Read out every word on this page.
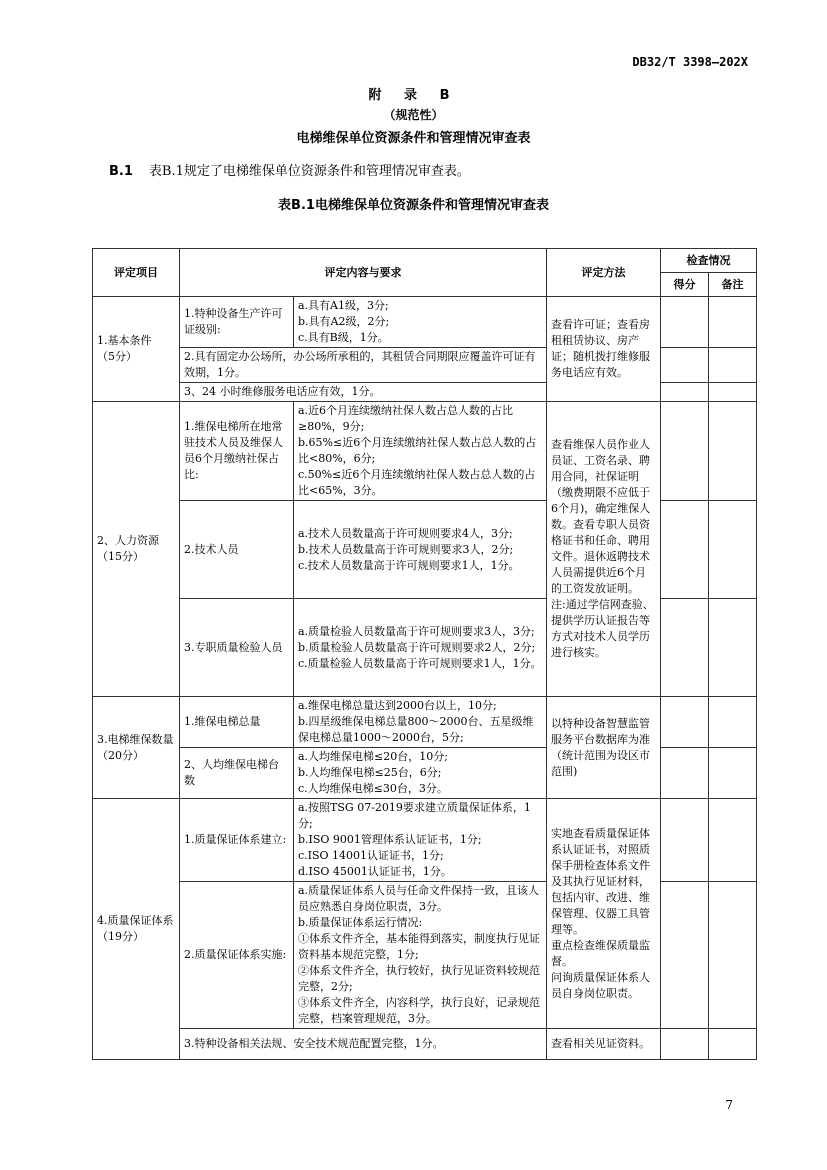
DB32/T 3398—202X
附 录 B
（规范性）
电梯维保单位资源条件和管理情况审查表
B.1 表B.1规定了电梯维保单位资源条件和管理情况审查表。
表B.1电梯维保单位资源条件和管理情况审查表
评定项目	评定内容与要求		评定方法	检查情况	
				得分	备注
1.基本条件
（5分）	1.特种设备生产许可证级别:	a.具有A1级，3分;
b.具有A2级，2分;
c.具有B级，1分。	查看许可证；查看房租租赁协议、房产证；随机拨打维修服务电话应有效。		
	2.具有固定办公场所，办公场所承租的，其租赁合同期限应覆盖许可证有效期，1分。				
	3、24 小时维修服务电话应有效，1分。				
2、人力资源
（15分）	1.维保电梯所在地常驻技术人员及维保人员6个月缴纳社保占比:	a.近6个月连续缴纳社保人数占总人数的占比≥80%，9分;
b.65%≤近6个月连续缴纳社保人数占总人数的占比<80%，6分;
c.50%≤近6个月连续缴纳社保人数占总人数的占比<65%，3分。	查看维保人员作业人员证、工资名录、聘用合同，社保证明（缴费期限不应低于6个月)，确定维保人数。查看专职人员资格证书和任命、聘用文件。退休返聘技术人员需提供近6个月的工资发放证明。
注:通过学信网查验、提供学历认证报告等方式对技术人员学历进行核实。		
	2.技术人员	a.技术人员数量高于许可规则要求4人，3分;
b.技术人员数量高于许可规则要求3人，2分;
c.技术人员数量高于许可规则要求1人，1分。			
	3.专职质量检验人员	a.质量检验人员数量高于许可规则要求3人，3分;
b.质量检验人员数量高于许可规则要求2人，2分;
c.质量检验人员数量高于许可规则要求1人，1分。			
3.电梯维保数量
（20分）	1.维保电梯总量	a.维保电梯总量达到2000台以上，10分;
b.四星级维保电梯总量800～2000台、五星级维保电梯总量1000～2000台，5分;	以特种设备智慧监管服务平台数据库为准（统计范围为设区市范围)		
	2、人均维保电梯台数	a.人均维保电梯≤20台，10分;
b.人均维保电梯≤25台，6分;
c.人均维保电梯≤30台，3分。			
4.质量保证体系
（19分）	1.质量保证体系建立:	a.按照TSG 07-2019要求建立质量保证体系，1分;
b.ISO 9001管理体系认证证书，1分;
c.ISO 14001认证证书，1分;
d.ISO 45001认证证书，1分。	实地查看质量保证体系认证证书，对照质保手册检查体系文件及其执行见证材料，包括内审、改进、维保管理、仪器工具管理等。
重点检查维保质量监督。
问询质量保证体系人员自身岗位职责。		
	2.质量保证体系实施:	a.质量保证体系人员与任命文件保持一致，且该人员应熟悉自身岗位职责，3分。
b.质量保证体系运行情况:
①体系文件齐全，基本能得到落实，制度执行见证资料基本规范完整，1分;
②体系文件齐全，执行较好，执行见证资料较规范完整，2分;
③体系文件齐全，内容科学，执行良好，记录规范完整，档案管理规范，3分。			
	3.特种设备相关法规、安全技术规范配置完整，1分。		查看相关见证资料。		
7
